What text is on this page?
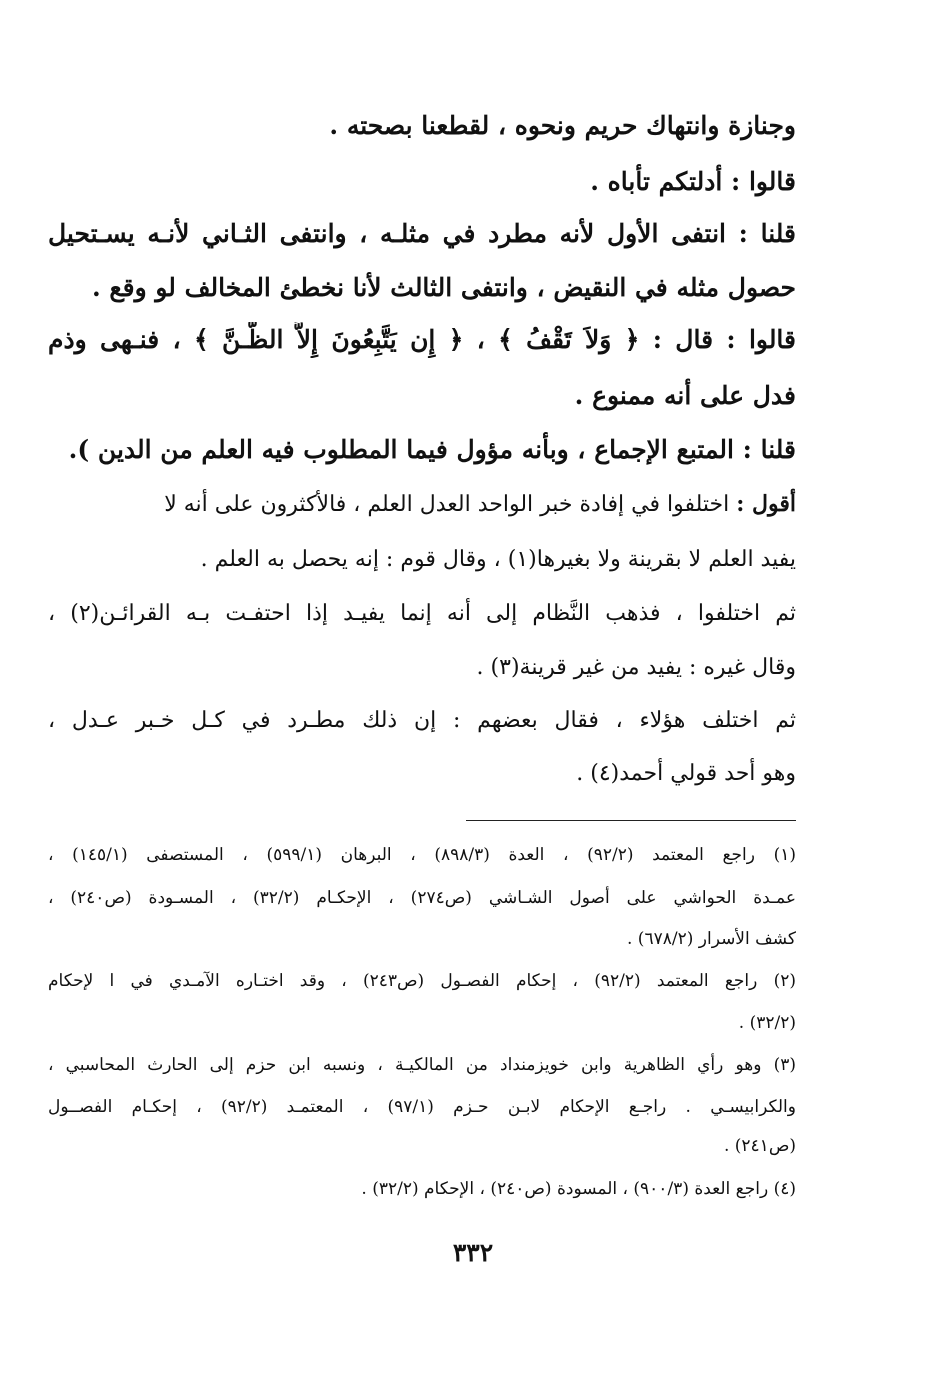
وجنازة وانتهاك حريم ونحوه ، لقطعنا بصحته .
قالوا : أدلتكم تأباه .
قلنا : انتفى الأول لأنه مطرد في مثلـه ، وانتفى الثـاني لأنـه يسـتحيل
حصول مثله في النقيض ، وانتفى الثالث لأنا نخطئ المخالف لو وقع .
قالوا : قال : ﴿ وَلاَ تَقْفُ ﴾ ، ﴿ إِن يَتَّبِعُونَ إِلاَّ الظَّـنَّ ﴾ ، فنـهى وذم
فدل على أنه ممنوع .
قلنا : المتبع الإجماع ، وبأنه مؤول فيما المطلوب فيه العلم من الدين ).
أقول : اختلفوا في إفادة خبر الواحد العدل العلم ، فالأكثرون على أنه لا
يفيد العلم لا بقرينة ولا بغيرها(١) ، وقال قوم : إنه يحصل به العلم .
ثم اختلفوا ، فذهب النَّظام إلى أنه إنما يفيـد إذا احتفـت بـه القرائـن(٢) ،
وقال غيره : يفيد من غير قرينة(٣) .
ثم اختلف هؤلاء ، فقال بعضهم : إن ذلك مطـرد في كـل خـبر عـدل ،
وهو أحد قولي أحمد(٤) .
(١) راجع المعتمد (٩٢/٢) ، العدة (٨٩٨/٣) ، البرهان (٥٩٩/١) ، المستصفى (١٤٥/١) ،
عمـدة الحواشي على أصول الشـاشي (ص٢٧٤) ، الإحكـام (٣٢/٢) ، المسـودة (ص٢٤٠) ،
كشف الأسرار (٦٧٨/٢) .
(٢) راجع المعتمد (٩٢/٢) ، إحكام الفصـول (ص٢٤٣) ، وقد اختـاره الآمـدي في ا لإحكام
(٣٢/٢) .
(٣) وهو رأي الظاهرية وابن خويزمنداد من المالكيـة ، ونسبه ابن حزم إلى الحارث المحاسبي ،
والكرابيسـي . راجـع الإحكام لابـن حـزم (٩٧/١) ، المعتمـد (٩٢/٢) ، إحكـام الفصــول
(ص٢٤١) .
(٤) راجع العدة (٩٠٠/٣) ، المسودة (ص٢٤٠) ، الإحكام (٣٢/٢) .
٣٣٢
